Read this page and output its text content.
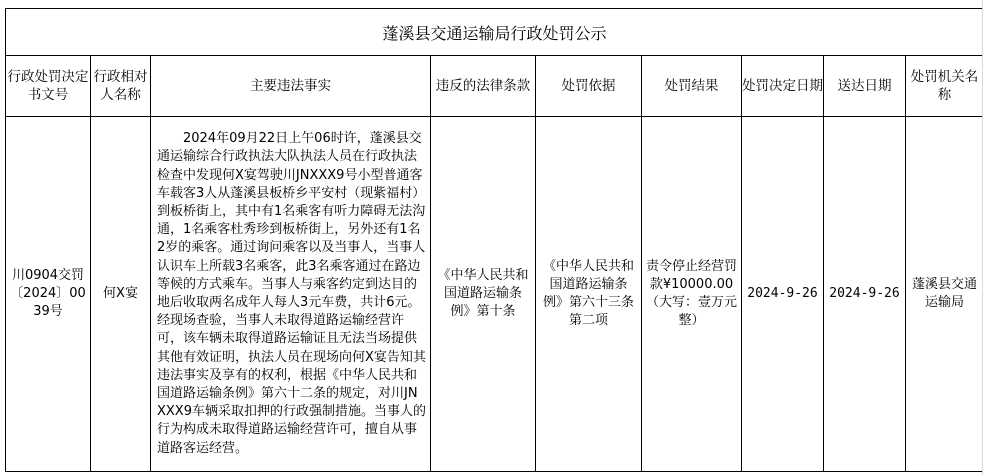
蓬溪县交通运输局行政处罚公示								
行政处罚决定书文号	行政相对人名称	主要违法事实	违反的法律条款	处罚依据	处罚结果	处罚决定日期	送达日期	处罚机关名称
川0904交罚〔2024〕0039号	何X宴	2024年09月22日上午06时许，蓬溪县交通运输综合行政执法大队执法人员在行政执法检查中发现何X宴驾驶川JNXXX9号小型普通客车载客3人从蓬溪县板桥乡平安村（现紫福村）到板桥街上，其中有1名乘客有听力障碍无法沟通，1名乘客杜秀珍到板桥街上，另外还有1名2岁的乘客。通过询问乘客以及当事人，当事人认识车上所载3名乘客，此3名乘客通过在路边等候的方式乘车。当事人与乘客约定到达目的地后收取两名成年人每人3元车费，共计6元。经现场查验，当事人未取得道路运输经营许可，该车辆未取得道路运输证且无法当场提供其他有效证明，执法人员在现场向何X宴告知其违法事实及享有的权利，根据《中华人民共和国道路运输条例》第六十二条的规定，对川JNXXX9车辆采取扣押的行政强制措施。当事人的行为构成未取得道路运输经营许可，擅自从事道路客运经营。	《中华人民共和国道路运输条例》第十条	《中华人民共和国道路运输条例》第六十三条第二项	责令停止经营罚款¥10000.00（大写：壹万元整）	2024-9-26	2024-9-26	蓬溪县交通运输局
